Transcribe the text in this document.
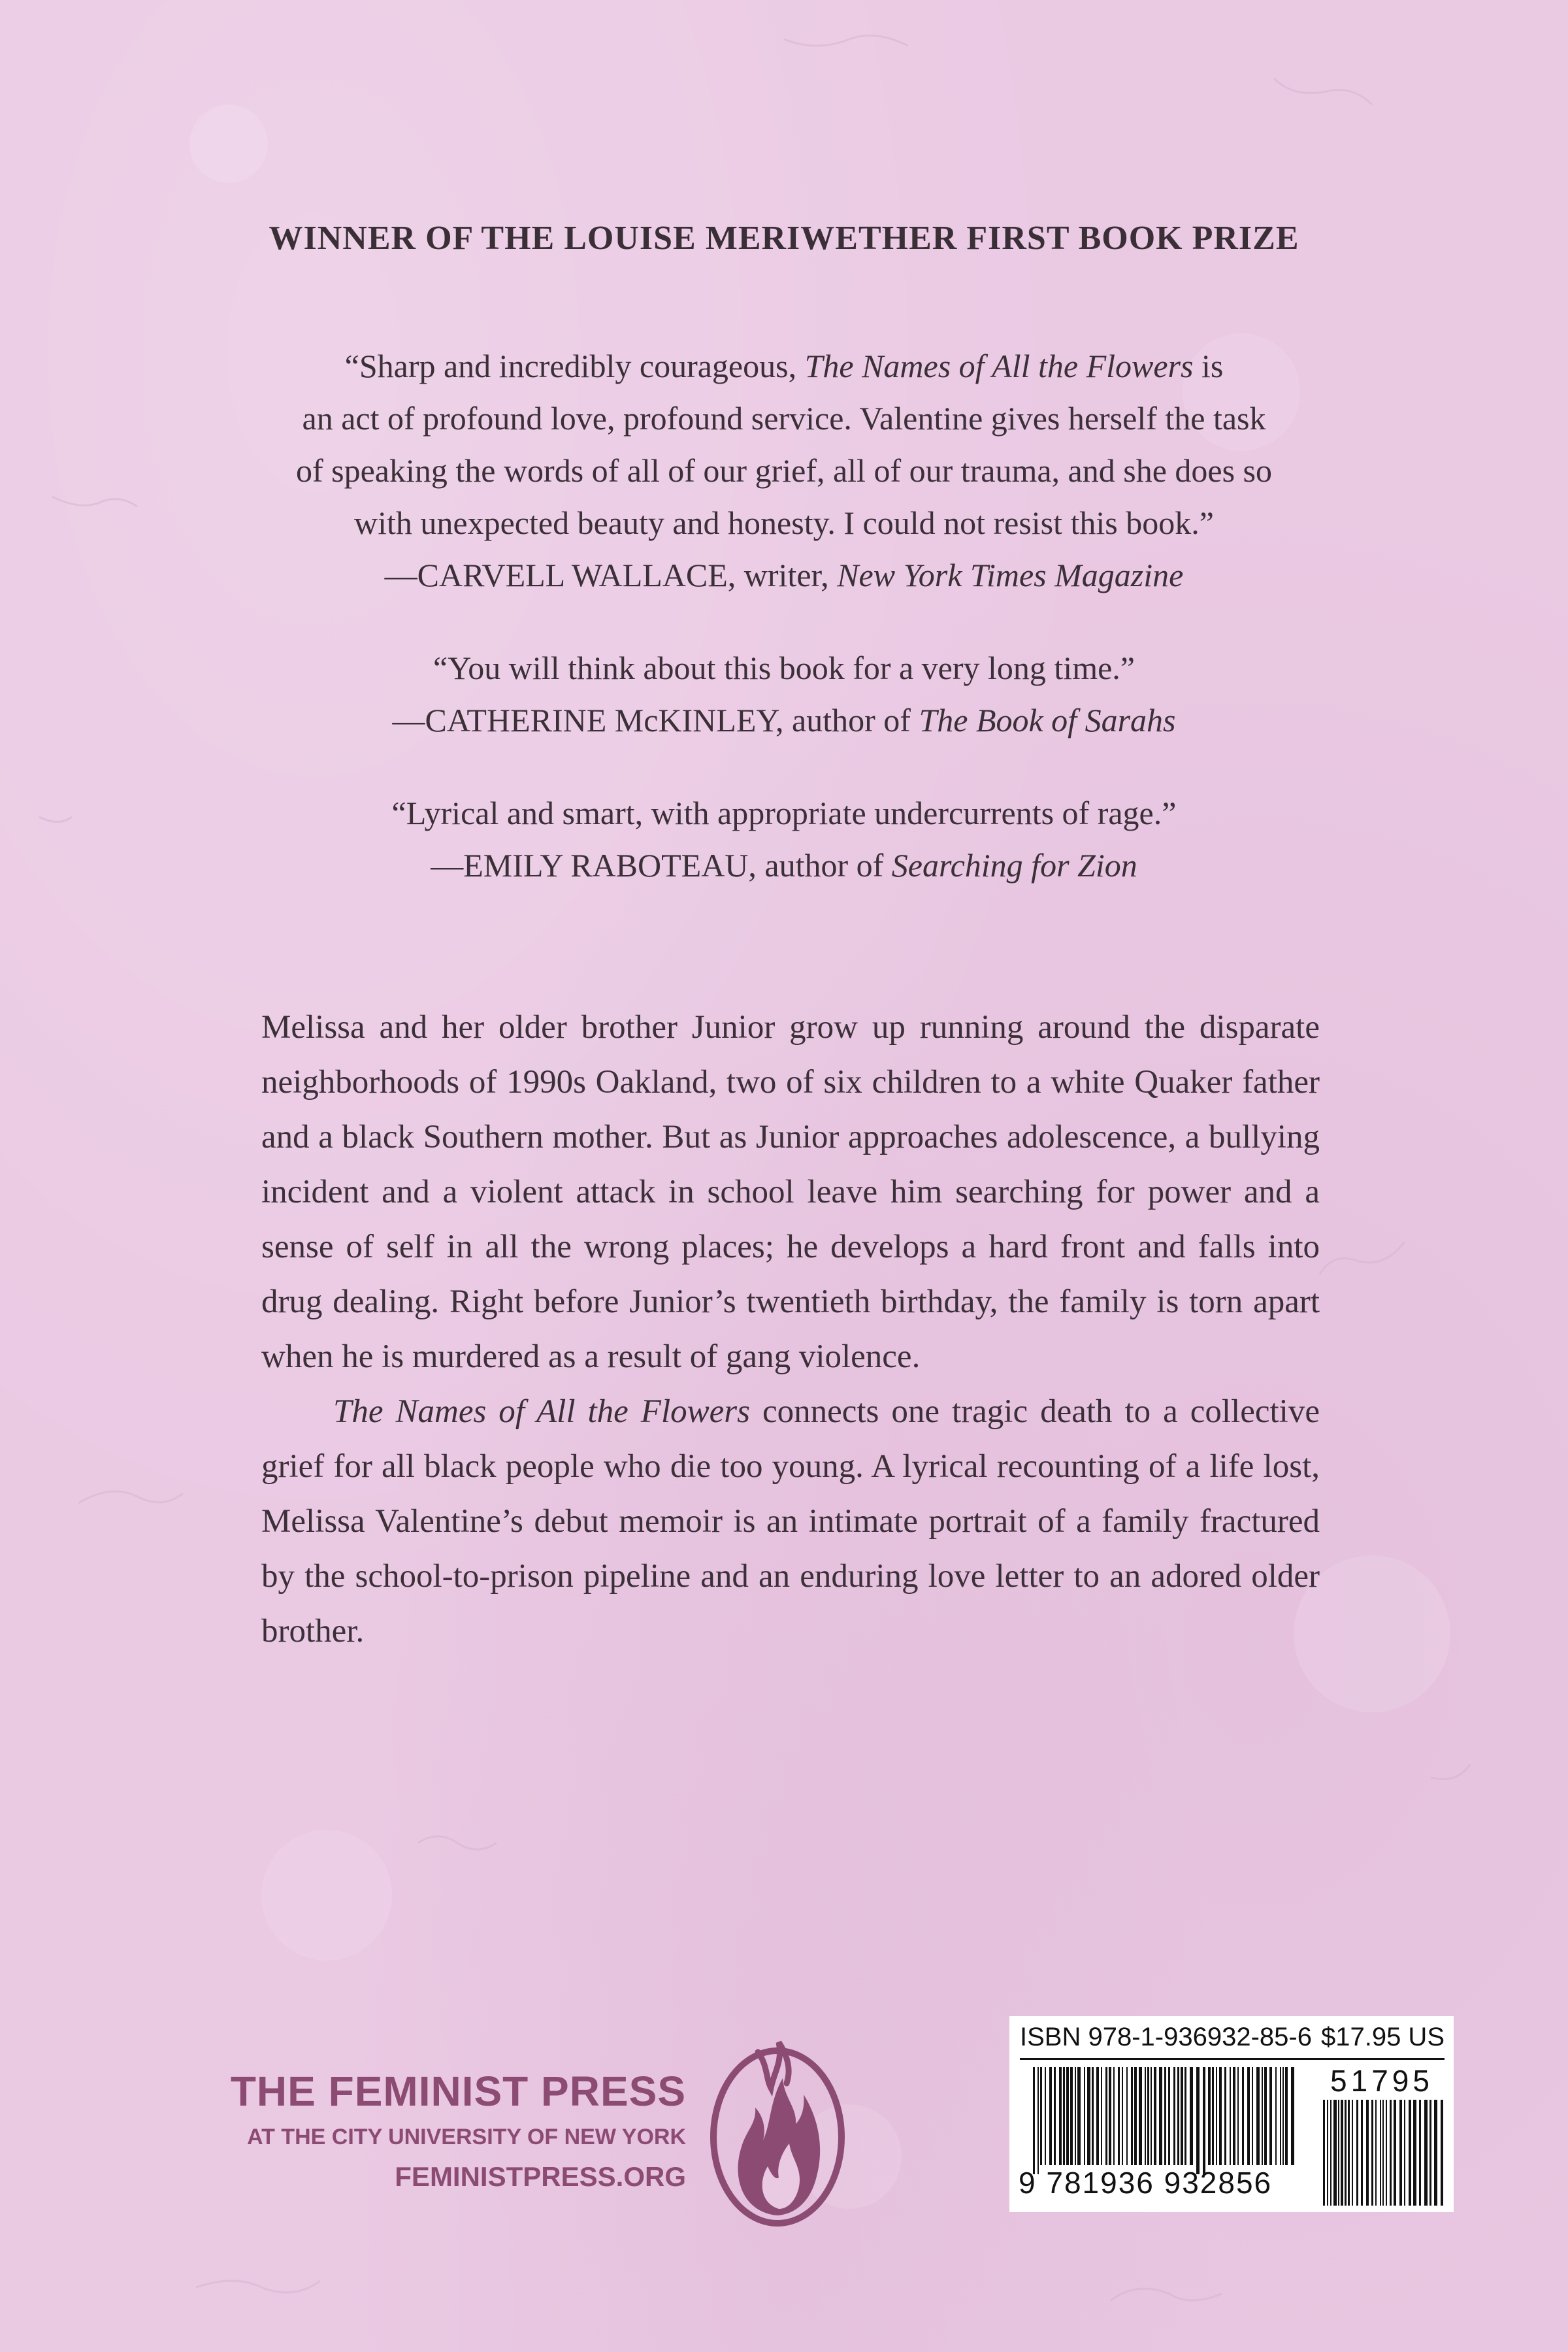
WINNER OF THE LOUISE MERIWETHER FIRST BOOK PRIZE
“Sharp and incredibly courageous, The Names of All the Flowers is
an act of profound love, profound service. Valentine gives herself the task
of speaking the words of all of our grief, all of our trauma, and she does so
with unexpected beauty and honesty. I could not resist this book.”
—CARVELL WALLACE, writer, New York Times Magazine
“You will think about this book for a very long time.”
—CATHERINE McKINLEY, author of The Book of Sarahs
“Lyrical and smart, with appropriate undercurrents of rage.”
—EMILY RABOTEAU, author of Searching for Zion

Melissa and her older brother Junior grow up running around the disparate neighborhoods of 1990s Oakland, two of six children to a white Quaker father and a black Southern mother. But as Junior approaches adolescence, a bullying incident and a violent attack in school leave him searching for power and a sense of self in all the wrong places; he develops a hard front and falls into drug dealing. Right before Junior’s twentieth birthday, the family is torn apart when he is murdered as a result of gang violence.

The Names of All the Flowers connects one tragic death to a collective grief for all black people who die too young. A lyrical recounting of a life lost, Melissa Valentine’s debut memoir is an intimate portrait of a family fractured by the school-to-prison pipeline and an enduring love letter to an adored older brother.

THE FEMINIST PRESS
AT THE CITY UNIVERSITY OF NEW YORK
FEMINISTPRESS.ORG
ISBN 978-1-936932-85-6 $17.95 US
9 781936 932856
51795
